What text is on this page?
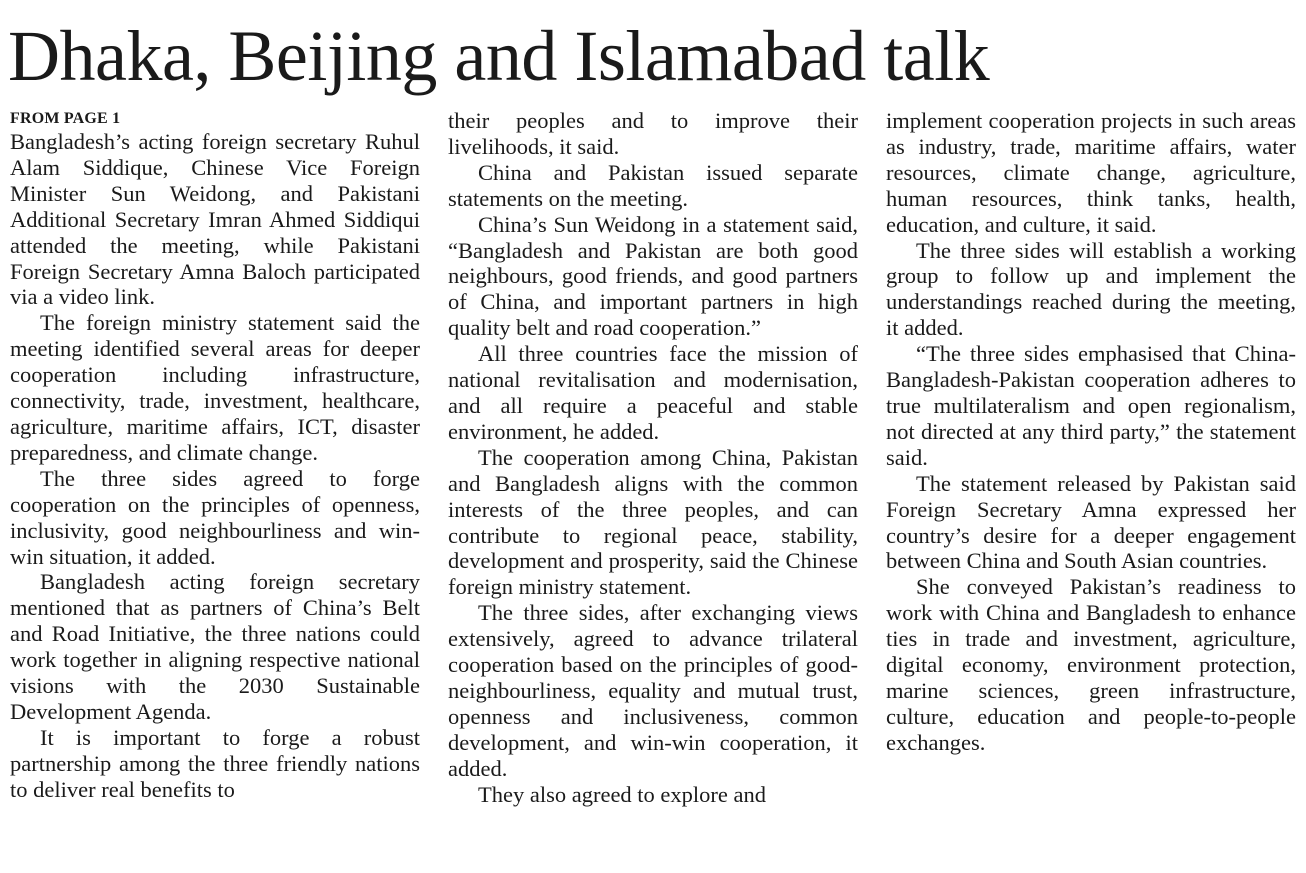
Dhaka, Beijing and Islamabad talk
FROM PAGE 1

Bangladesh’s acting foreign secretary Ruhul Alam Siddique, Chinese Vice Foreign Minister Sun Weidong, and Pakistani Additional Secretary Imran Ahmed Siddiqui attended the meeting, while Pakistani Foreign Secretary Amna Baloch participated via a video link.

The foreign ministry statement said the meeting identified several areas for deeper cooperation including infrastructure, connectivity, trade, investment, healthcare, agriculture, maritime affairs, ICT, disaster preparedness, and climate change.

The three sides agreed to forge cooperation on the principles of openness, inclusivity, good neighbourliness and win-win situation, it added.

Bangladesh acting foreign secretary mentioned that as partners of China’s Belt and Road Initiative, the three nations could work together in aligning respective national visions with the 2030 Sustainable Development Agenda.

It is important to forge a robust partnership among the three friendly nations to deliver real benefits to

their peoples and to improve their livelihoods, it said.

China and Pakistan issued separate statements on the meeting.

China’s Sun Weidong in a statement said, “Bangladesh and Pakistan are both good neighbours, good friends, and good partners of China, and important partners in high quality belt and road cooperation.”

All three countries face the mission of national revitalisation and modernisation, and all require a peaceful and stable environment, he added.

The cooperation among China, Pakistan and Bangladesh aligns with the common interests of the three peoples, and can contribute to regional peace, stability, development and prosperity, said the Chinese foreign ministry statement.

The three sides, after exchanging views extensively, agreed to advance trilateral cooperation based on the principles of good-neighbourliness, equality and mutual trust, openness and inclusiveness, common development, and win-win cooperation, it added.

They also agreed to explore and

implement cooperation projects in such areas as industry, trade, maritime affairs, water resources, climate change, agriculture, human resources, think tanks, health, education, and culture, it said.

The three sides will establish a working group to follow up and implement the understandings reached during the meeting, it added.

“The three sides emphasised that China-Bangladesh-Pakistan cooperation adheres to true multilateralism and open regionalism, not directed at any third party,” the statement said.

The statement released by Pakistan said Foreign Secretary Amna expressed her country’s desire for a deeper engagement between China and South Asian countries.

She conveyed Pakistan’s readiness to work with China and Bangladesh to enhance ties in trade and investment, agriculture, digital economy, environment protection, marine sciences, green infrastructure, culture, education and people-to-people exchanges.
